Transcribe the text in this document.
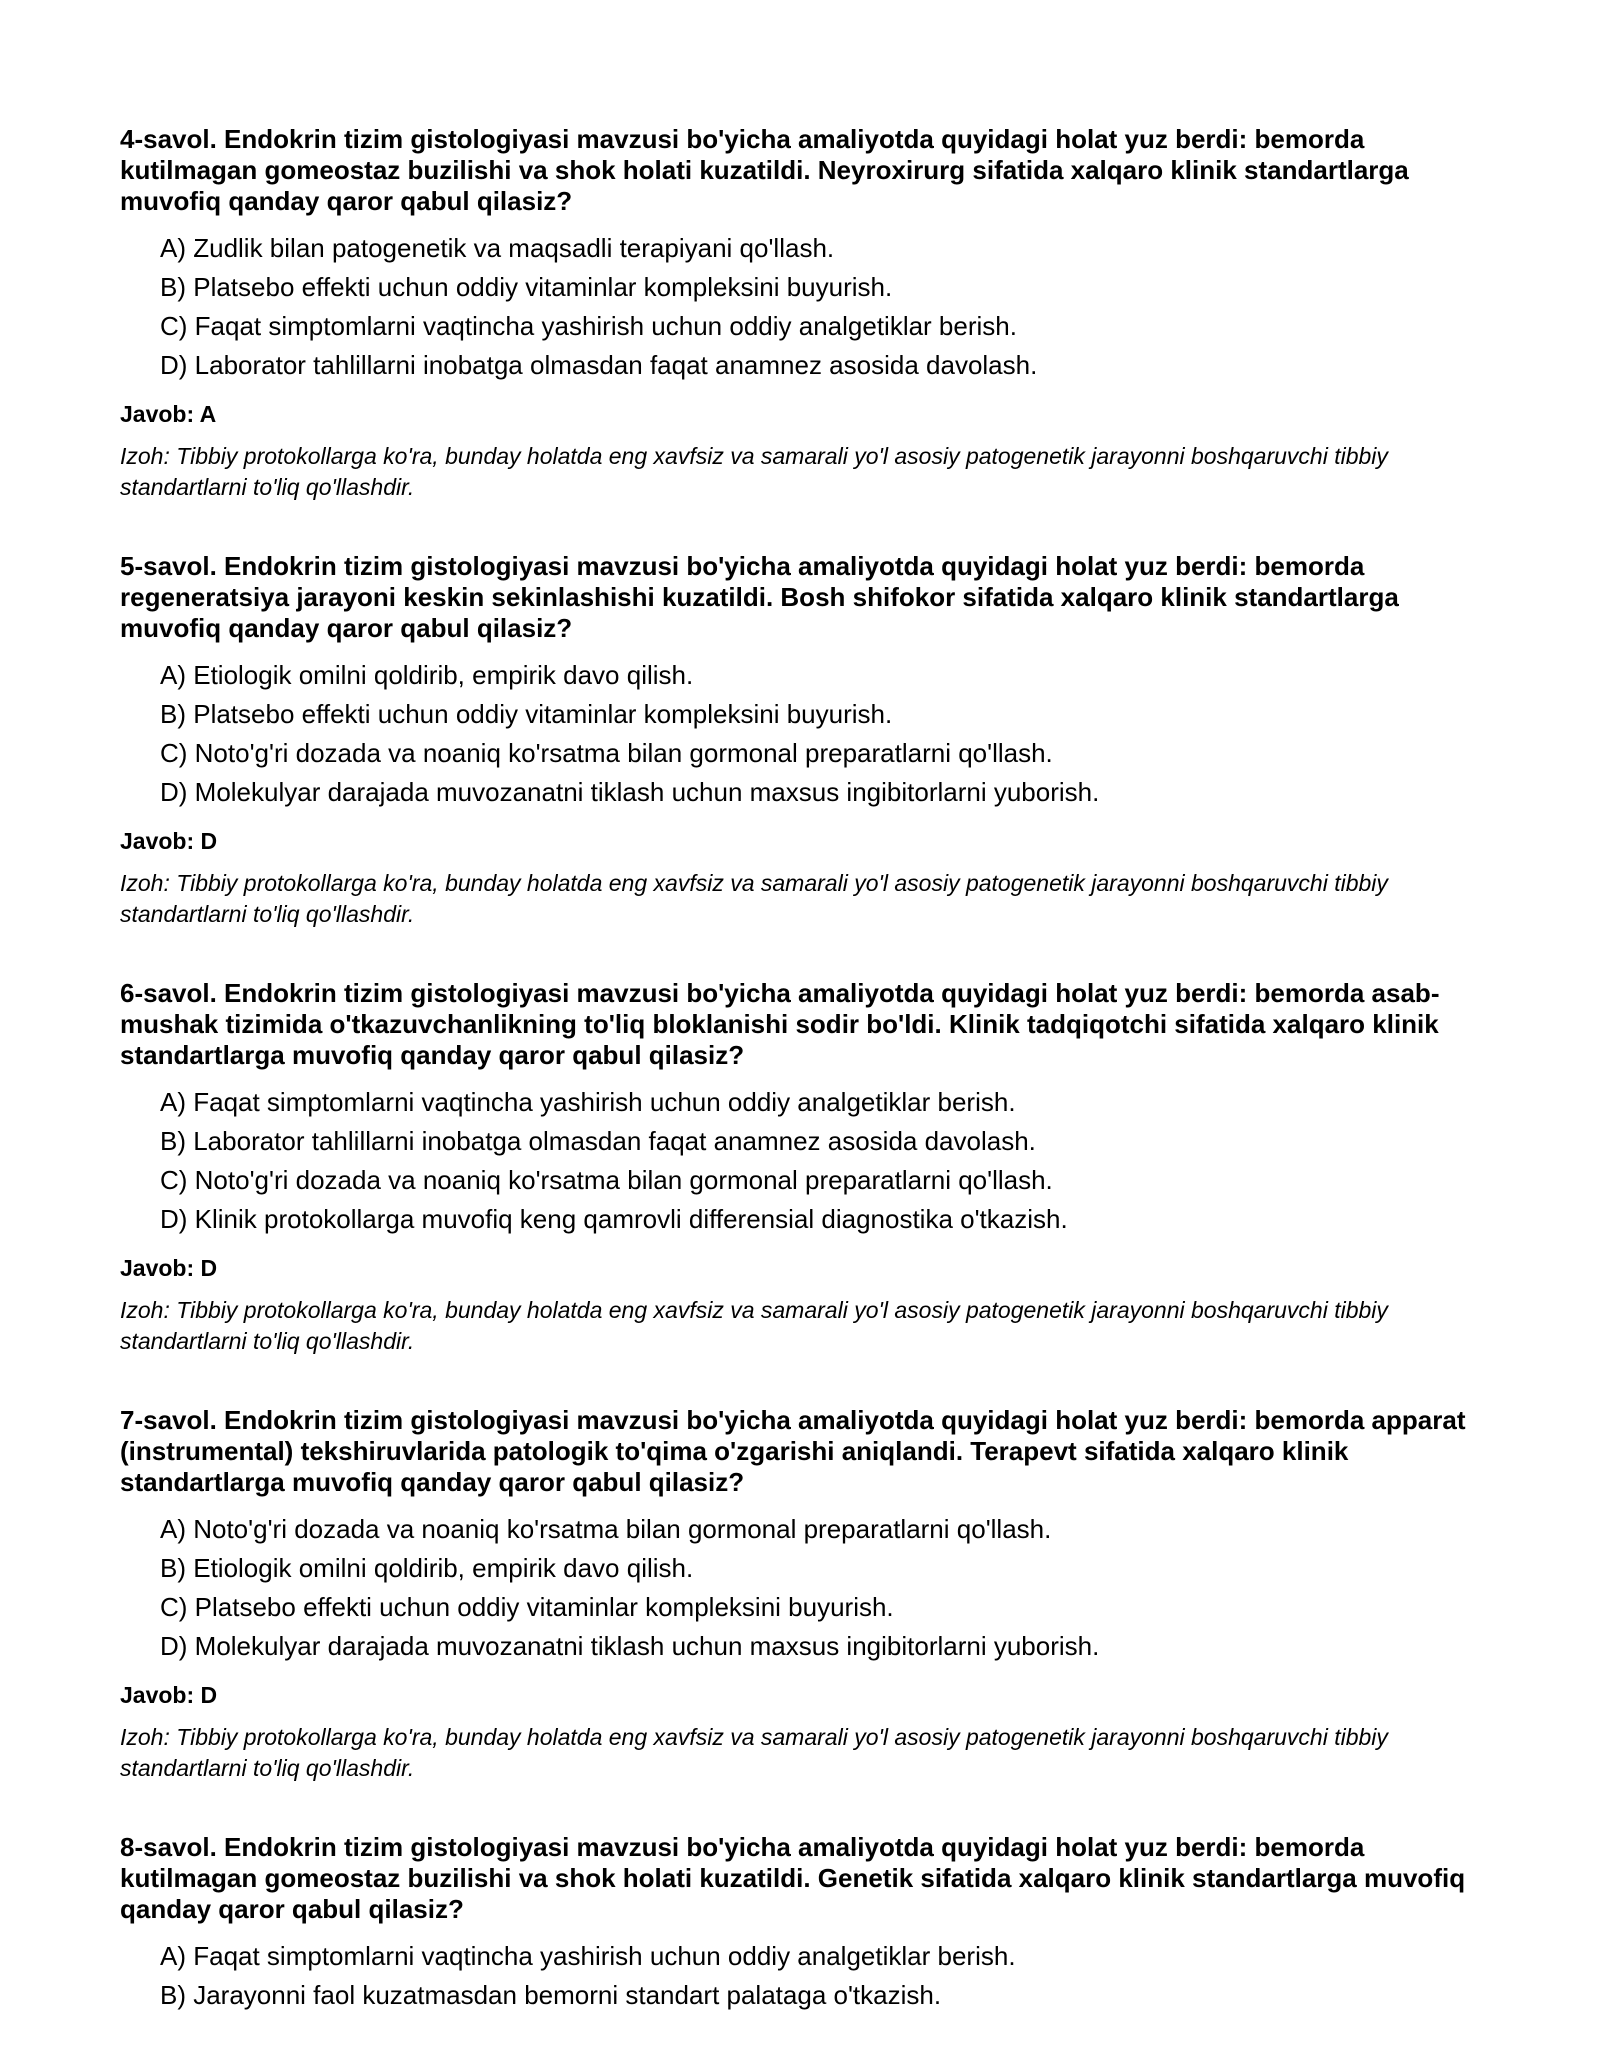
4-savol. Endokrin tizim gistologiyasi mavzusi bo'yicha amaliyotda quyidagi holat yuz berdi: bemorda kutilmagan gomeostaz buzilishi va shok holati kuzatildi. Neyroxirurg sifatida xalqaro klinik standartlarga muvofiq qanday qaror qabul qilasiz?

A) Zudlik bilan patogenetik va maqsadli terapiyani qo'llash.
B) Platsebo effekti uchun oddiy vitaminlar kompleksini buyurish.
C) Faqat simptomlarni vaqtincha yashirish uchun oddiy analgetiklar berish.
D) Laborator tahlillarni inobatga olmasdan faqat anamnez asosida davolash.

Javob: A

Izoh: Tibbiy protokollarga ko'ra, bunday holatda eng xavfsiz va samarali yo'l asosiy patogenetik jarayonni boshqaruvchi tibbiy standartlarni to'liq qo'llashdir.

5-savol. Endokrin tizim gistologiyasi mavzusi bo'yicha amaliyotda quyidagi holat yuz berdi: bemorda regeneratsiya jarayoni keskin sekinlashishi kuzatildi. Bosh shifokor sifatida xalqaro klinik standartlarga muvofiq qanday qaror qabul qilasiz?

A) Etiologik omilni qoldirib, empirik davo qilish.
B) Platsebo effekti uchun oddiy vitaminlar kompleksini buyurish.
C) Noto'g'ri dozada va noaniq ko'rsatma bilan gormonal preparatlarni qo'llash.
D) Molekulyar darajada muvozanatni tiklash uchun maxsus ingibitorlarni yuborish.

Javob: D

Izoh: Tibbiy protokollarga ko'ra, bunday holatda eng xavfsiz va samarali yo'l asosiy patogenetik jarayonni boshqaruvchi tibbiy standartlarni to'liq qo'llashdir.

6-savol. Endokrin tizim gistologiyasi mavzusi bo'yicha amaliyotda quyidagi holat yuz berdi: bemorda asab-mushak tizimida o'tkazuvchanlikning to'liq bloklanishi sodir bo'ldi. Klinik tadqiqotchi sifatida xalqaro klinik standartlarga muvofiq qanday qaror qabul qilasiz?

A) Faqat simptomlarni vaqtincha yashirish uchun oddiy analgetiklar berish.
B) Laborator tahlillarni inobatga olmasdan faqat anamnez asosida davolash.
C) Noto'g'ri dozada va noaniq ko'rsatma bilan gormonal preparatlarni qo'llash.
D) Klinik protokollarga muvofiq keng qamrovli differensial diagnostika o'tkazish.

Javob: D

Izoh: Tibbiy protokollarga ko'ra, bunday holatda eng xavfsiz va samarali yo'l asosiy patogenetik jarayonni boshqaruvchi tibbiy standartlarni to'liq qo'llashdir.

7-savol. Endokrin tizim gistologiyasi mavzusi bo'yicha amaliyotda quyidagi holat yuz berdi: bemorda apparat (instrumental) tekshiruvlarida patologik to'qima o'zgarishi aniqlandi. Terapevt sifatida xalqaro klinik standartlarga muvofiq qanday qaror qabul qilasiz?

A) Noto'g'ri dozada va noaniq ko'rsatma bilan gormonal preparatlarni qo'llash.
B) Etiologik omilni qoldirib, empirik davo qilish.
C) Platsebo effekti uchun oddiy vitaminlar kompleksini buyurish.
D) Molekulyar darajada muvozanatni tiklash uchun maxsus ingibitorlarni yuborish.

Javob: D

Izoh: Tibbiy protokollarga ko'ra, bunday holatda eng xavfsiz va samarali yo'l asosiy patogenetik jarayonni boshqaruvchi tibbiy standartlarni to'liq qo'llashdir.

8-savol. Endokrin tizim gistologiyasi mavzusi bo'yicha amaliyotda quyidagi holat yuz berdi: bemorda kutilmagan gomeostaz buzilishi va shok holati kuzatildi. Genetik sifatida xalqaro klinik standartlarga muvofiq qanday qaror qabul qilasiz?

A) Faqat simptomlarni vaqtincha yashirish uchun oddiy analgetiklar berish.
B) Jarayonni faol kuzatmasdan bemorni standart palataga o'tkazish.
